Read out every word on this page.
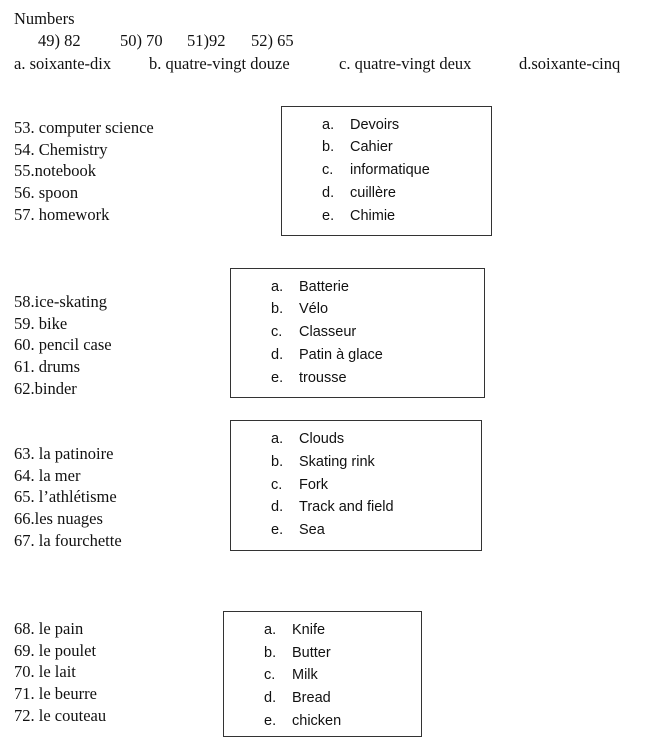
Numbers
49) 82 50) 70 51)92 52) 65
a. soixante-dix b. quatre-vingt douze	c. quatre-vingt deux	d.soixante-cinq
53. computer science
54. Chemistry
55.notebook
56. spoon
57. homework
a. Devoirs
b. Cahier
c. informatique
d. cuillère
e. Chimie
58.ice-skating
59. bike
60. pencil case
61. drums
62.binder
a. Batterie
b. Vélo
c. Classeur
d. Patin à glace
e. trousse
63. la patinoire
64. la mer
65. l’athlétisme
66.les nuages
67. la fourchette
a. Clouds
b. Skating rink
c. Fork
d. Track and field
e. Sea
68. le pain
69. le poulet
70. le lait
71. le beurre
72. le couteau
a. Knife
b. Butter
c. Milk
d. Bread
e. chicken
